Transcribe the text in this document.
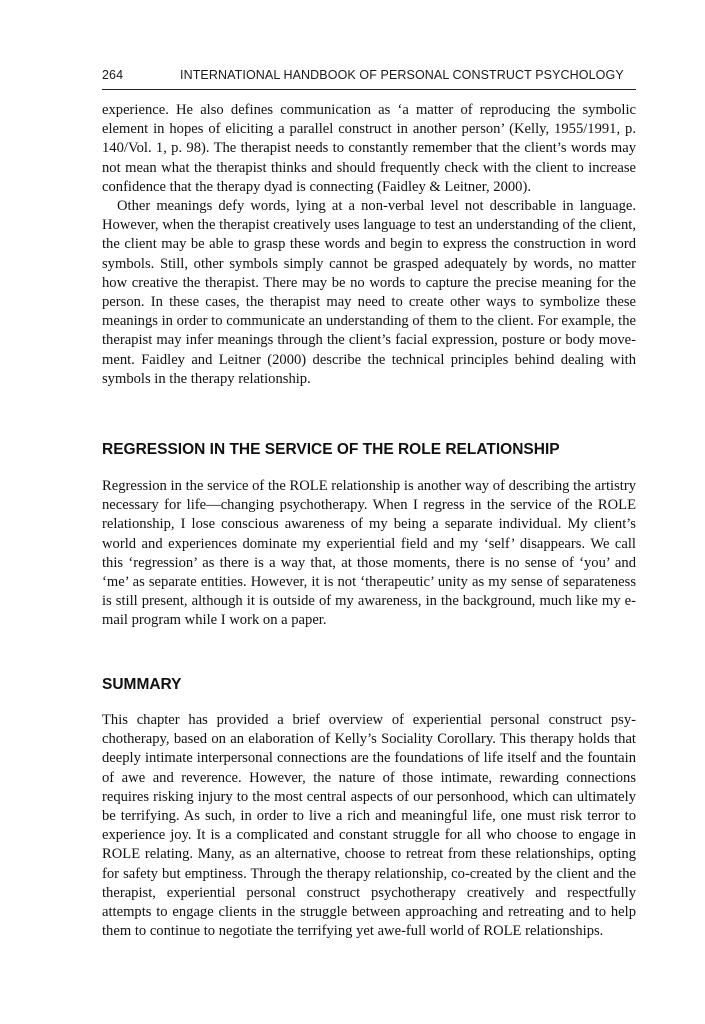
264	INTERNATIONAL HANDBOOK OF PERSONAL CONSTRUCT PSYCHOLOGY

experience. He also defines communication as ‘a matter of reproducing the symbolic element in hopes of eliciting a parallel construct in another person’ (Kelly, 1955/1991, p. 140/Vol. 1, p. 98). The therapist needs to constantly remember that the client’s words may not mean what the therapist thinks and should frequently check with the client to increase confidence that the therapy dyad is connecting (Faidley & Leitner, 2000).

Other meanings defy words, lying at a non-verbal level not describable in language. However, when the therapist creatively uses language to test an understanding of the client, the client may be able to grasp these words and begin to express the construction in word symbols. Still, other symbols simply cannot be grasped adequately by words, no matter how creative the therapist. There may be no words to capture the precise meaning for the person. In these cases, the therapist may need to create other ways to symbolize these meanings in order to communicate an understanding of them to the client. For example, the therapist may infer meanings through the client’s facial expression, posture or body movement. Faidley and Leitner (2000) describe the technical principles behind dealing with symbols in the therapy relationship.

REGRESSION IN THE SERVICE OF THE ROLE RELATIONSHIP

Regression in the service of the ROLE relationship is another way of describing the artistry necessary for life—changing psychotherapy. When I regress in the service of the ROLE relationship, I lose conscious awareness of my being a separate individual. My client’s world and experiences dominate my experiential field and my ‘self’ disappears. We call this ‘regression’ as there is a way that, at those moments, there is no sense of ‘you’ and ‘me’ as separate entities. However, it is not ‘therapeutic’ unity as my sense of separateness is still present, although it is outside of my awareness, in the background, much like my e-mail program while I work on a paper.

SUMMARY

This chapter has provided a brief overview of experiential personal construct psychotherapy, based on an elaboration of Kelly’s Sociality Corollary. This therapy holds that deeply intimate interpersonal connections are the foundations of life itself and the fountain of awe and reverence. However, the nature of those intimate, rewarding connections requires risking injury to the most central aspects of our personhood, which can ultimately be terrifying. As such, in order to live a rich and meaningful life, one must risk terror to experience joy. It is a complicated and constant struggle for all who choose to engage in ROLE relating. Many, as an alternative, choose to retreat from these relationships, opting for safety but emptiness. Through the therapy relationship, co-created by the client and the therapist, experiential personal construct psychotherapy creatively and respectfully attempts to engage clients in the struggle between approaching and retreating and to help them to continue to negotiate the terrifying yet awe-full world of ROLE relationships.
